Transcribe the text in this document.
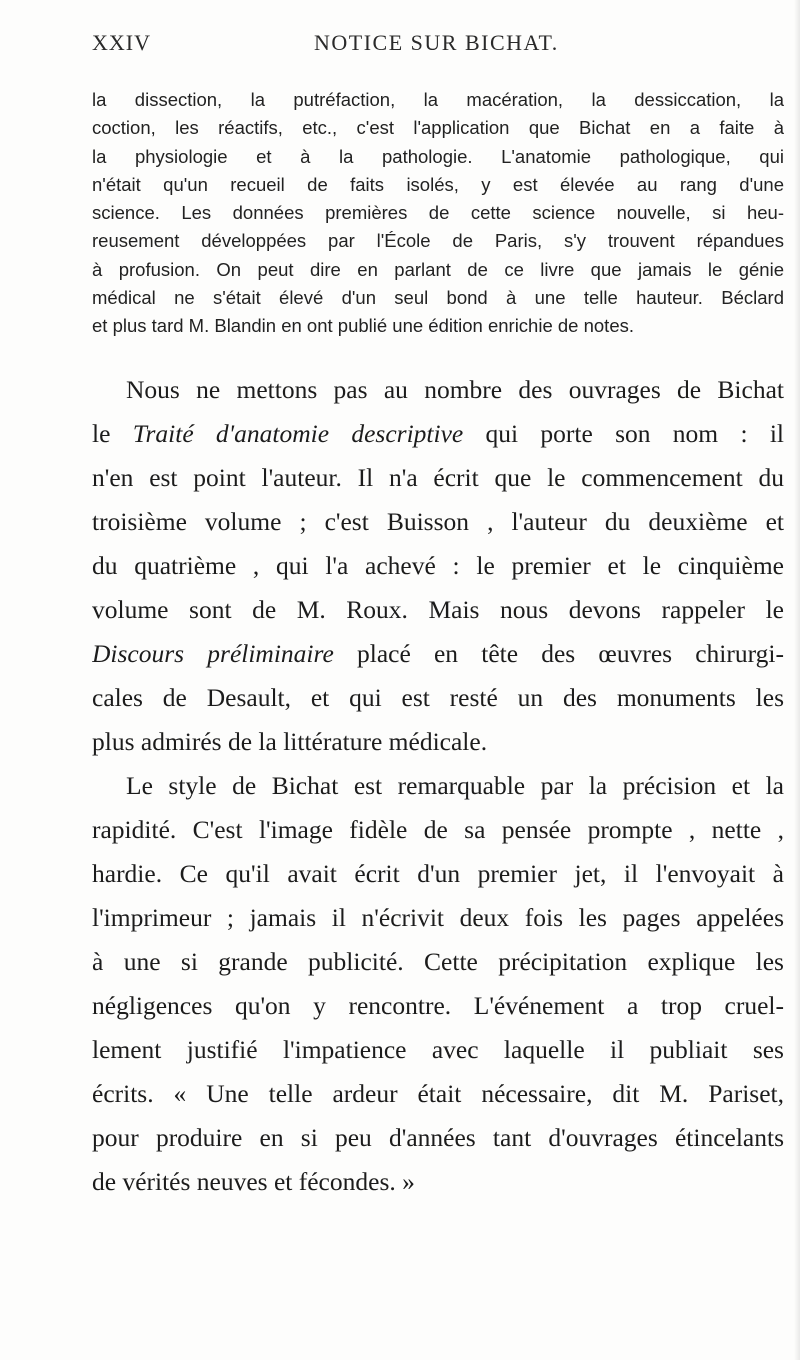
XXIV	NOTICE SUR BICHAT.
la dissection, la putréfaction, la macération, la dessiccation, la
coction, les réactifs, etc., c'est l'application que Bichat en a faite à
la physiologie et à la pathologie. L'anatomie pathologique, qui
n'était qu'un recueil de faits isolés, y est élevée au rang d'une
science. Les données premières de cette science nouvelle, si heu-
reusement développées par l'École de Paris, s'y trouvent répandues
à profusion. On peut dire en parlant de ce livre que jamais le génie
médical ne s'était élevé d'un seul bond à une telle hauteur. Béclard
et plus tard M. Blandin en ont publié une édition enrichie de notes.
Nous ne mettons pas au nombre des ouvrages de Bichat
le Traité d'anatomie descriptive qui porte son nom : il
n'en est point l'auteur. Il n'a écrit que le commencement du
troisième volume ; c'est Buisson , l'auteur du deuxième et
du quatrième , qui l'a achevé : le premier et le cinquième
volume sont de M. Roux. Mais nous devons rappeler le
Discours préliminaire placé en tête des œuvres chirurgi-
cales de Desault, et qui est resté un des monuments les
plus admirés de la littérature médicale.
Le style de Bichat est remarquable par la précision et la
rapidité. C'est l'image fidèle de sa pensée prompte , nette ,
hardie. Ce qu'il avait écrit d'un premier jet, il l'envoyait à
l'imprimeur ; jamais il n'écrivit deux fois les pages appelées
à une si grande publicité. Cette précipitation explique les
négligences qu'on y rencontre. L'événement a trop cruel-
lement justifié l'impatience avec laquelle il publiait ses
écrits. « Une telle ardeur était nécessaire, dit M. Pariset,
pour produire en si peu d'années tant d'ouvrages étincelants
de vérités neuves et fécondes. »
